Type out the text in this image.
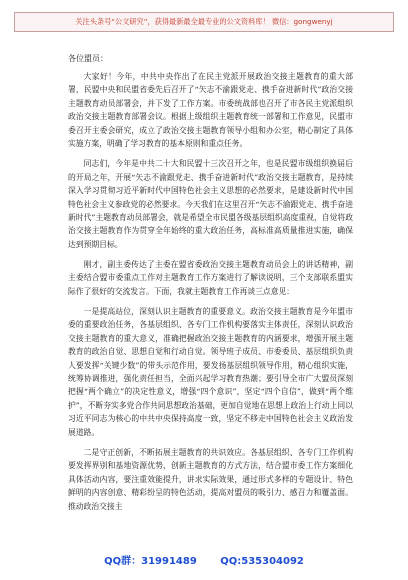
关注头条号“公文研究”，获得最新最全最专业的公文资料库！ 微信：gongwenyj
各位盟员：

大家好！今年，中共中央作出了在民主党派开展政治交接主题教育的重大部署，民盟中央和民盟省委先后召开了“矢志不渝跟党走、携手奋进新时代”政治交接主题教育动员部署会，并下发了工作方案。市委统战部也召开了市各民主党派组织政治交接主题教育部署会议。根据上级组织主题教育统一部署和工作意见，民盟市委召开主委会研究，成立了政治交接主题教育领导小组和办公室，精心制定了具体实施方案，明确了学习教育的基本原则和重点任务。

同志们，今年是中共二十大和民盟十三次召开之年，也是民盟市级组织换届后的开局之年，开展“矢志不渝跟党走、携手奋进新时代”政治交接主题教育，是持续深入学习贯彻习近平新时代中国特色社会主义思想的必然要求，是建设新时代中国特色社会主义参政党的必然要求。今天我们在这里召开“矢志不渝跟党走、携手奋进新时代”主题教育动员部署会，就是希望全市民盟各级基层组织高度重视，自觉将政治交接主题教育作为贯穿全年始终的重大政治任务，高标准高质量推进实施，确保达到预期目标。

刚才，副主委传达了主委在盟省委政治交接主题教育动员会上的讲话精神，副主委结合盟市委重点工作对主题教育工作方案进行了解读说明，三个支部联系盟实际作了很好的交流发言。下面，我就主题教育工作再谈三点意见：

一是提高站位，深刻认识主题教育的重要意义。政治交接主题教育是今年盟市委的重要政治任务，各基层组织、各专门工作机构要落实主体责任，深刻认识政治交接主题教育的重大意义，准确把握政治交接主题教育的内涵要求，增强开展主题教育的政治自觉、思想自觉和行动自觉。领导班子成员、市委委员、基层组织负责人要发挥“关键少数”的带头示范作用，要发扬基层组织领导作用，精心组织实施，统筹协调推进，强化责任担当，全面兴起学习教育热潮；要引导全市广大盟员深刻把握“两个确立”的决定性意义，增强“四个意识”，坚定“四个自信”，做到“两个维护”，不断夯实多党合作共同思想政治基础，更加自觉地在思想上政治上行动上同以习近平同志为核心的中共中央保持高度一致，坚定不移走中国特色社会主义政治发展道路。

二是守正创新，不断拓展主题教育的共识效应。各基层组织、各专门工作机构要发挥界别和基地资源优势，创新主题教育的方式方法，结合盟市委工作方案细化具体活动内容，要注重效能提升，讲求实际效果，通过形式多样的专题设计、特色鲜明的内容创意、精彩纷呈的特色活动，提高对盟员的吸引力、感召力和覆盖面。推动政治交接主

QQ群：31991489 QQ:535304092
